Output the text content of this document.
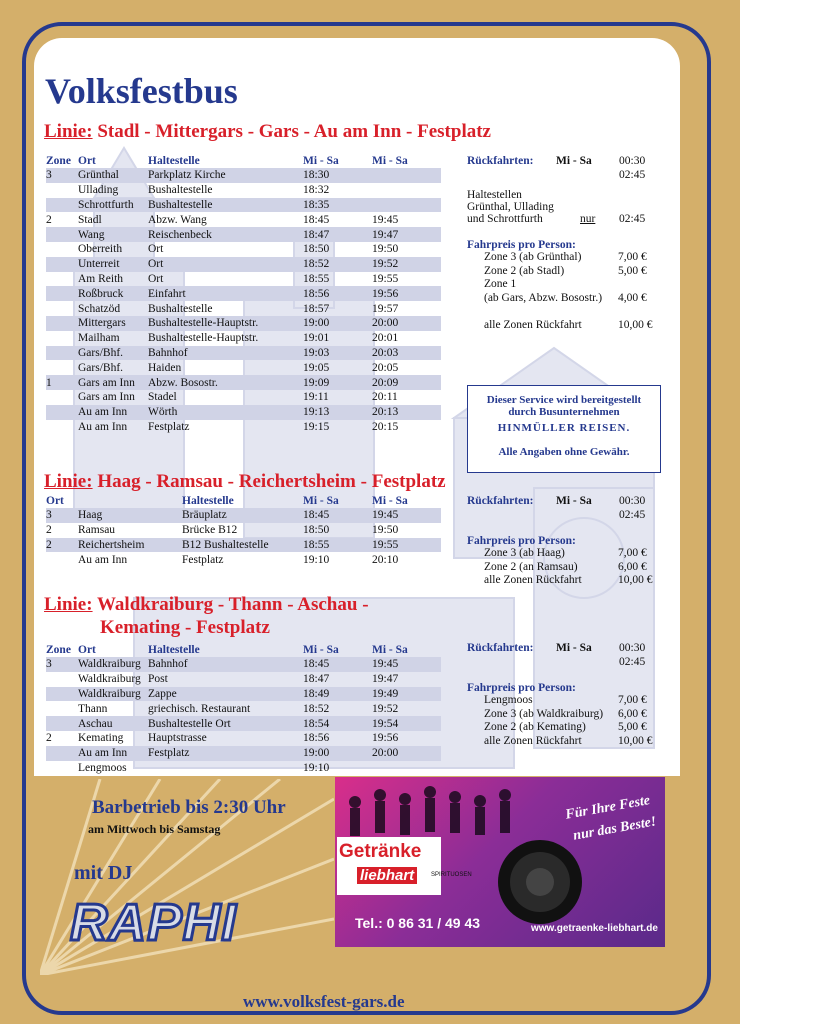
Volksfestbus
Linie: Stadl - Mittergars - Gars - Au am Inn - Festplatz
Zone	Ort	Haltestelle	Mi - Sa	Mi - Sa
3	Grünthal	Parkplatz Kirche	18:30	
	Ullading	Bushaltestelle	18:32	
	Schrottfurth	Bushaltestelle	18:35	
2	Stadl	Abzw. Wang	18:45	19:45
	Wang	Reischenbeck	18:47	19:47
	Oberreith	Ort	18:50	19:50
	Unterreit	Ort	18:52	19:52
	Am Reith	Ort	18:55	19:55
	Roßbruck	Einfahrt	18:56	19:56
	Schatzöd	Bushaltestelle	18:57	19:57
	Mittergars	Bushaltestelle-Hauptstr.	19:00	20:00
	Mailham	Bushaltestelle-Hauptstr.	19:01	20:01
	Gars/Bhf.	Bahnhof	19:03	20:03
	Gars/Bhf.	Haiden	19:05	20:05
1	Gars am Inn	Abzw. Bosostr.	19:09	20:09
	Gars am Inn	Stadel	19:11	20:11
	Au am Inn	Wörth	19:13	20:13
	Au am Inn	Festplatz	19:15	20:15
Rückfahrten: Mi - Sa 00:30
02:45
Haltestellen
Grünthal, Ullading
und Schrottfurth	nur 02:45
Fahrpreis pro Person:
Zone 3 (ab Grünthal)	7,00 €
Zone 2 (ab Stadl)	5,00 €
Zone 1
(ab Gars, Abzw. Bosostr.) 4,00 €
alle Zonen Rückfahrt	10,00 €
Dieser Service wird bereitgestellt
durch Busunternehmen
HINMÜLLER REISEN.
Alle Angaben ohne Gewähr.
Linie: Haag - Ramsau - Reichertsheim - Festplatz
Ort		Haltestelle	Mi - Sa	Mi - Sa
3	Haag	Bräuplatz	18:45	19:45
2	Ramsau	Brücke B12	18:50	19:50
2	Reichertsheim	B12 Bushaltestelle	18:55	19:55
	Au am Inn	Festplatz	19:10	20:10
Rückfahrten: Mi - Sa 00:30
02:45
Fahrpreis pro Person:
Zone 3 (ab Haag)	7,00 €
Zone 2 (an Ramsau)	6,00 €
alle Zonen Rückfahrt	10,00 €
Linie: Waldkraiburg - Thann - Aschau -
Kemating - Festplatz
Zone	Ort	Haltestelle	Mi - Sa	Mi - Sa
3	Waldkraiburg	Bahnhof	18:45	19:45
	Waldkraiburg	Post	18:47	19:47
	Waldkraiburg	Zappe	18:49	19:49
	Thann	griechisch. Restaurant	18:52	19:52
	Aschau	Bushaltestelle Ort	18:54	19:54
2	Kemating	Hauptstrasse	18:56	19:56
	Au am Inn	Festplatz	19:00	20:00
	Lengmoos		19:10	
Rückfahrten: Mi - Sa 00:30
02:45
Fahrpreis pro Person:
Lengmoos	7,00 €
Zone 3 (ab Waldkraiburg) 6,00 €
Zone 2 (ab Kemating)	5,00 €
alle Zonen Rückfahrt	10,00 €
Barbetrieb bis 2:30 Uhr
am Mittwoch bis Samstag
mit DJ
RAPHI
Getränke
liebhart	SPIRITUOSEN
Für Ihre Feste
nur das Beste!
Tel.: 0 86 31 / 49 43	www.getraenke-liebhart.de
www.volksfest-gars.de
